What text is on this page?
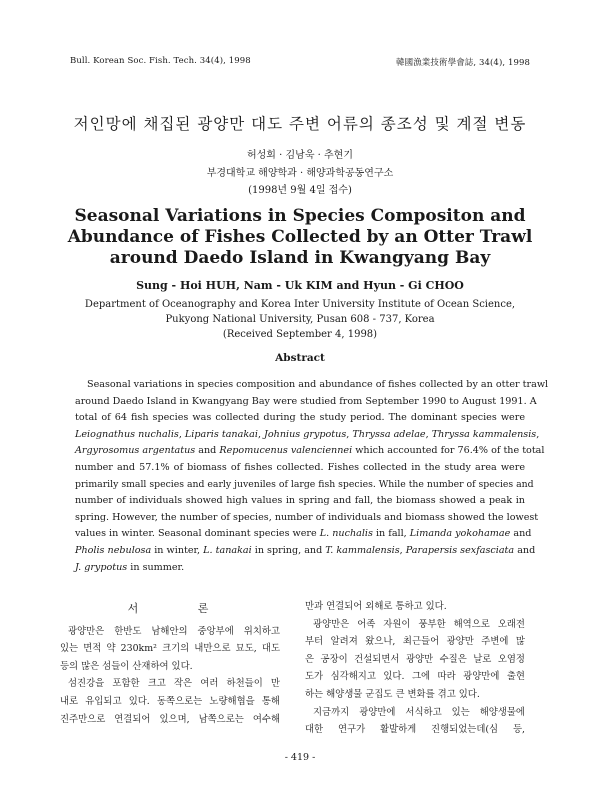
Bull. Korean Soc. Fish. Tech. 34(4), 1998	韓國漁業技術學會誌, 34(4), 1998
저인망에 채집된 광양만 대도 주변 어류의 종조성 및 계절 변동
허성회 · 김남욱 · 추현기
부경대학교 해양학과 · 해양과학공동연구소
(1998년 9월 4일 접수)
Seasonal Variations in Species Compositon and
Abundance of Fishes Collected by an Otter Trawl
around Daedo Island in Kwangyang Bay
Sung - Hoi HUH, Nam - Uk KIM and Hyun - Gi CHOO
Department of Oceanography and Korea Inter University Institute of Ocean Science,
Pukyong National University, Pusan 608 - 737, Korea
(Received September 4, 1998)
Abstract
Seasonal variations in species composition and abundance of fishes collected by an otter trawl
around Daedo Island in Kwangyang Bay were studied from September 1990 to August 1991. A
total of 64 fish species was collected during the study period. The dominant species were
Leiognathus nuchalis, Liparis tanakai, Johnius grypotus, Thryssa adelae, Thryssa kammalensis,
Argyrosomus argentatus and Repomucenus valenciennei which accounted for 76.4% of the total
number and 57.1% of biomass of fishes collected. Fishes collected in the study area were
primarily small species and early juveniles of large fish species. While the number of species and
number of individuals showed high values in spring and fall, the biomass showed a peak in
spring. However, the number of species, number of individuals and biomass showed the lowest
values in winter. Seasonal dominant species were L. nuchalis in fall, Limanda yokohamae and
Pholis nebulosa in winter, L. tanakai in spring, and T. kammalensis, Parapersis sexfasciata and
J. grypotus in summer.
서 론
광양만은 한반도 남해안의 중앙부에 위치하고
있는 면적 약 230km² 크기의 내만으로 묘도, 대도
등의 많은 섬들이 산재하여 있다.
섬진강을 포함한 크고 작은 여러 하천들이 만
내로 유입되고 있다. 동쪽으로는 노량해협을 통해
진주만으로 연결되어 있으며, 남쪽으로는 여수해
만과 연결되어 외해로 통하고 있다.
광양만은 어족 자원이 풍부한 해역으로 오래전
부터 알려져 왔으나, 최근들어 광양만 주변에 많
은 공장이 건설되면서 광양만 수질은 날로 오염정
도가 심각해지고 있다. 그에 따라 광양만에 출현
하는 해양생물 군집도 큰 변화를 겪고 있다.
지금까지 광양만에 서식하고 있는 해양생물에
대한 연구가 활발하게 진행되었는데(심 등,
- 419 -
